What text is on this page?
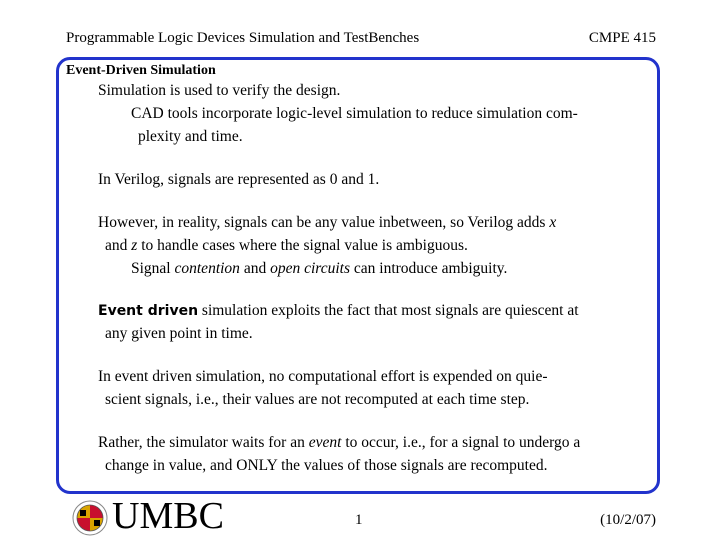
Programmable Logic Devices Simulation and TestBenches	CMPE 415
Event-Driven Simulation
Simulation is used to verify the design.
CAD tools incorporate logic-level simulation to reduce simulation com-
plexity and time.
In Verilog, signals are represented as 0 and 1.
However, in reality, signals can be any value inbetween, so Verilog adds x
and z to handle cases where the signal value is ambiguous.
Signal contention and open circuits can introduce ambiguity.
Event driven simulation exploits the fact that most signals are quiescent at
any given point in time.
In event driven simulation, no computational effort is expended on quie-
scient signals, i.e., their values are not recomputed at each time step.
Rather, the simulator waits for an event to occur, i.e., for a signal to undergo a
change in value, and ONLY the values of those signals are recomputed.
UMBC	1	(10/2/07)
